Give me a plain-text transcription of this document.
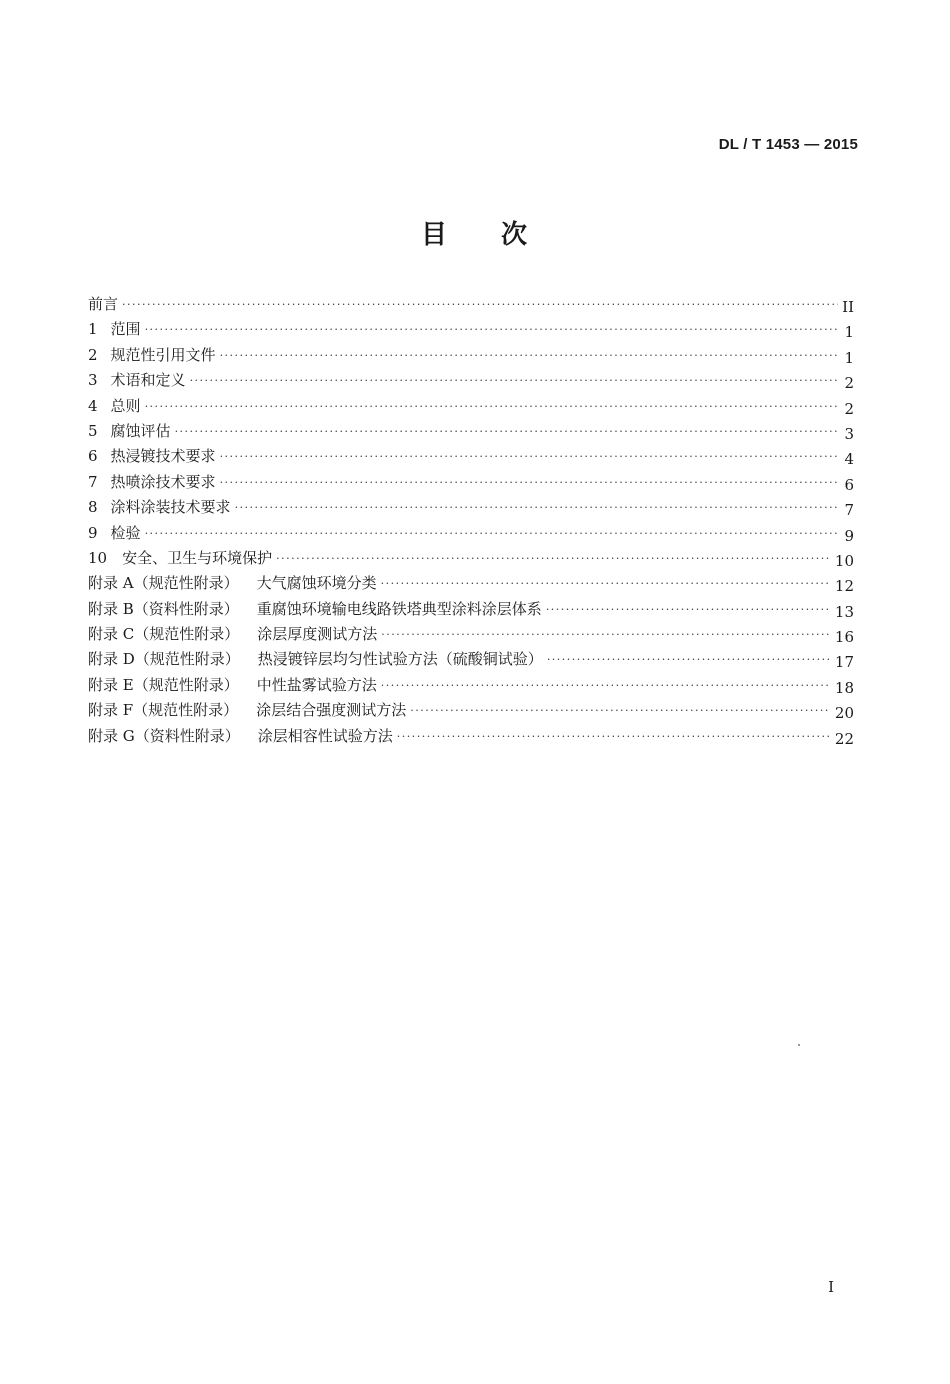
DL / T 1453 — 2015
目 次
前言 ·····	II
1 范围 ·····	1
2 规范性引用文件 ·····	1
3 术语和定义 ·····	2
4 总则 ·····	2
5 腐蚀评估 ·····	3
6 热浸镀技术要求 ·····	4
7 热喷涂技术要求 ·····	6
8 涂料涂装技术要求 ·····	7
9 检验 ·····	9
10 安全、卫生与环境保护 ·····	10
附录 A（规范性附录） 大气腐蚀环境分类 ·····	12
附录 B（资料性附录） 重腐蚀环境输电线路铁塔典型涂料涂层体系 ·····	13
附录 C（规范性附录） 涂层厚度测试方法 ·····	16
附录 D（规范性附录） 热浸镀锌层均匀性试验方法（硫酸铜试验） ·····	17
附录 E（规范性附录） 中性盐雾试验方法 ·····	18
附录 F（规范性附录） 涂层结合强度测试方法 ·····	20
附录 G（资料性附录） 涂层相容性试验方法 ·····	22
I
